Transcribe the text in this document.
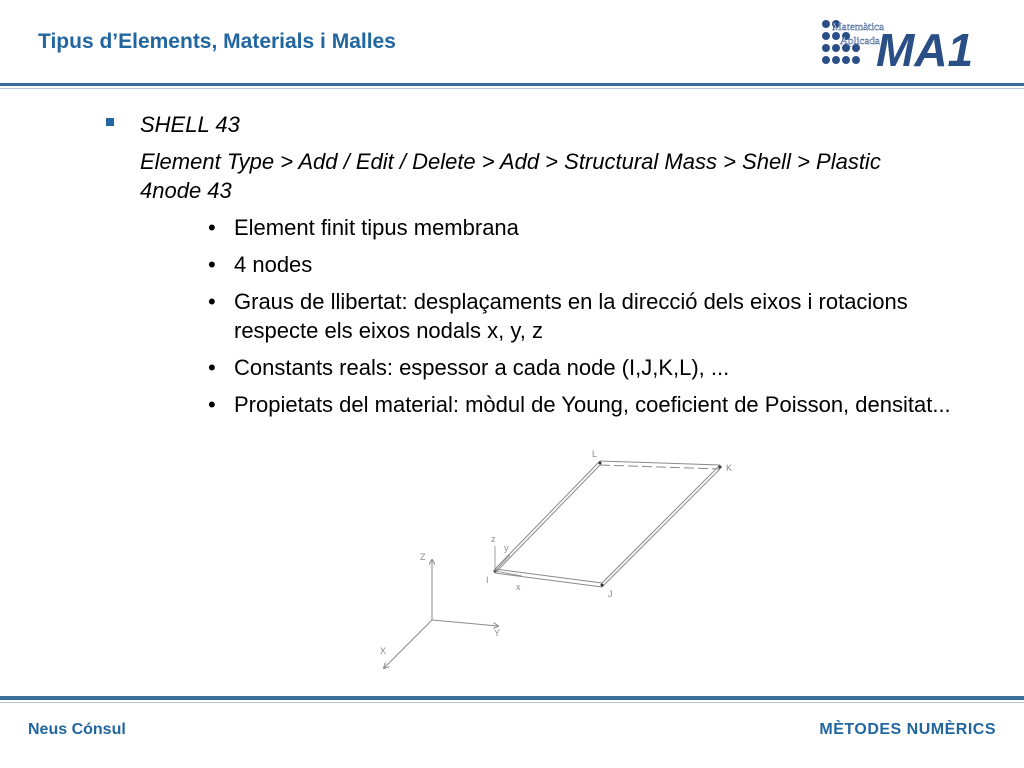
Tipus d’Elements, Materials i Malles
Matemàtica
Aplicada
MA1
SHELL 43
Element Type > Add / Edit / Delete > Add > Structural Mass > Shell > Plastic 4node 43
• Element finit tipus membrana
• 4 nodes
• Graus de llibertat: desplaçaments en la direcció dels eixos i rotacions respecte els eixos nodals x, y, z
• Constants reals: espessor a cada node (I,J,K,L), ...
• Propietats del material: mòdul de Young, coeficient de Poisson, densitat...
Z
Y
X
I
J
K
L
z
y
x
Neus Cónsul	MÈTODES NUMÈRICS
